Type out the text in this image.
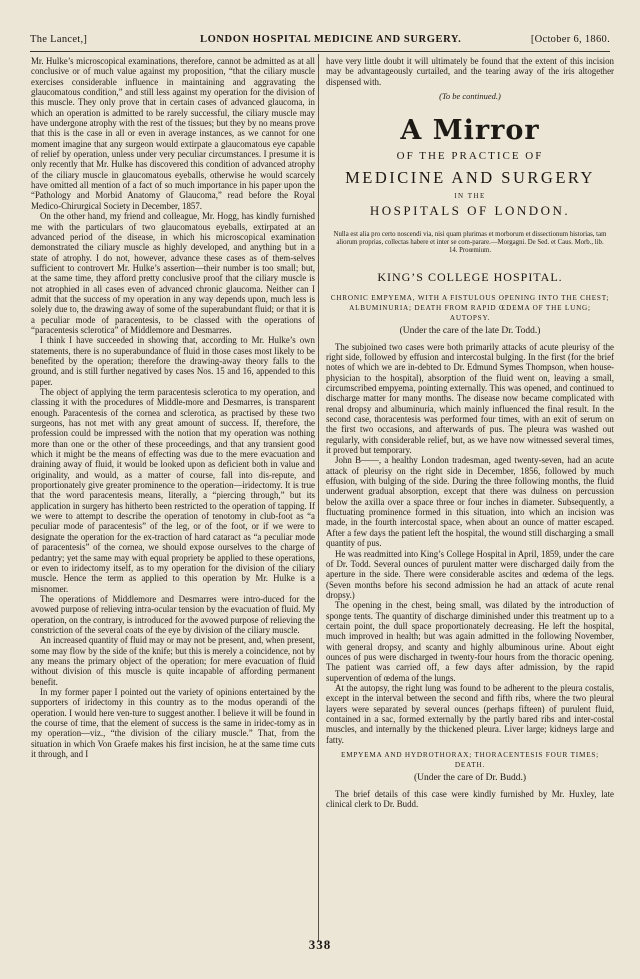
The Lancet,]	LONDON HOSPITAL MEDICINE AND SURGERY.	[October 6, 1860.

Mr. Hulke’s microscopical examinations, therefore, cannot be admitted as at all conclusive or of much value against my proposition, “that the ciliary muscle exercises considerable influence in maintaining and aggravating the glaucomatous condition,” and still less against my operation for the division of this muscle. They only prove that in certain cases of advanced glaucoma, in which an operation is admitted to be rarely successful, the ciliary muscle may have undergone atrophy with the rest of the tissues; but they by no means prove that this is the case in all or even in average instances, as we cannot for one moment imagine that any surgeon would extirpate a glaucomatous eye capable of relief by operation, unless under very peculiar circumstances. I presume it is only recently that Mr. Hulke has discovered this condition of advanced atrophy of the ciliary muscle in glaucomatous eyeballs, otherwise he would scarcely have omitted all mention of a fact of so much importance in his paper upon the “Pathology and Morbid Anatomy of Glaucoma,” read before the Royal Medico-Chirurgical Society in December, 1857.

On the other hand, my friend and colleague, Mr. Hogg, has kindly furnished me with the particulars of two glaucomatous eyeballs, extirpated at an advanced period of the disease, in which his microscopical examination demonstrated the ciliary muscle as highly developed, and anything but in a state of atrophy. I do not, however, advance these cases as of them-selves sufficient to controvert Mr. Hulke’s assertion—their number is too small; but, at the same time, they afford pretty conclusive proof that the ciliary muscle is not atrophied in all cases even of advanced chronic glaucoma. Neither can I admit that the success of my operation in any way depends upon, much less is solely due to, the drawing away of some of the superabundant fluid; or that it is a peculiar mode of paracentesis, to be classed with the operations of “paracentesis sclerotica” of Middlemore and Desmarres.

I think I have succeeded in showing that, according to Mr. Hulke’s own statements, there is no superabundance of fluid in those cases most likely to be benefited by the operation; therefore the drawing-away theory falls to the ground, and is still further negatived by cases Nos. 15 and 16, appended to this paper.

The object of applying the term paracentesis sclerotica to my operation, and classing it with the procedures of Middle-more and Desmarres, is transparent enough. Paracentesis of the cornea and sclerotica, as practised by these two surgeons, has not met with any great amount of success. If, therefore, the profession could be impressed with the notion that my operation was nothing more than one or the other of these proceedings, and that any transient good which it might be the means of effecting was due to the mere evacuation and draining away of fluid, it would be looked upon as deficient both in value and originality, and would, as a matter of course, fall into dis-repute, and proportionately give greater prominence to the operation—iridectomy. It is true that the word paracentesis means, literally, a “piercing through,” but its application in surgery has hitherto been restricted to the operation of tapping. If we were to attempt to describe the operation of tenotomy in club-foot as “a peculiar mode of paracentesis” of the leg, or of the foot, or if we were to designate the operation for the ex-traction of hard cataract as “a peculiar mode of paracentesis” of the cornea, we should expose ourselves to the charge of pedantry; yet the same may with equal propriety be applied to these operations, or even to iridectomy itself, as to my operation for the division of the ciliary muscle. Hence the term as applied to this operation by Mr. Hulke is a misnomer.

The operations of Middlemore and Desmarres were intro-duced for the avowed purpose of relieving intra-ocular tension by the evacuation of fluid. My operation, on the contrary, is introduced for the avowed purpose of relieving the constriction of the several coats of the eye by division of the ciliary muscle.

An increased quantity of fluid may or may not be present, and, when present, some may flow by the side of the knife; but this is merely a coincidence, not by any means the primary object of the operation; for mere evacuation of fluid without division of this muscle is quite incapable of affording permanent benefit.

In my former paper I pointed out the variety of opinions entertained by the supporters of iridectomy in this country as to the modus operandi of the operation. I would here ven-ture to suggest another. I believe it will be found in the course of time, that the element of success is the same in iridec-tomy as in my operation—viz., “the division of the ciliary muscle.” That, from the situation in which Von Graefe makes his first incision, he at the same time cuts it through, and I

have very little doubt it will ultimately be found that the extent of this incision may be advantageously curtailed, and the tearing away of the iris altogether dispensed with.

(To be continued.)
A Mirror
OF THE PRACTICE OF
MEDICINE AND SURGERY
IN THE
HOSPITALS OF LONDON.
Nulla est alia pro certo noscendi via, nisi quam plurimas et morborum et dissectionum historias, tam aliorum proprias, collectas habere et inter se com-parare.—Morgagni. De Sed. et Caus. Morb., lib. 14. Proœmium.
KING’S COLLEGE HOSPITAL.
CHRONIC EMPYEMA, WITH A FISTULOUS OPENING INTO THE CHEST; ALBUMINURIA; DEATH FROM RAPID ŒDEMA OF THE LUNG; AUTOPSY.
(Under the care of the late Dr. Todd.)

The subjoined two cases were both primarily attacks of acute pleurisy of the right side, followed by effusion and intercostal bulging. In the first (for the brief notes of which we are in-debted to Dr. Edmund Symes Thompson, when house-physician to the hospital), absorption of the fluid went on, leaving a small, circumscribed empyema, pointing externally. This was opened, and continued to discharge matter for many months. The disease now became complicated with renal dropsy and albuminuria, which mainly influenced the final result. In the second case, thoracentesis was performed four times, with an exit of serum on the first two occasions, and afterwards of pus. The pleura was washed out regularly, with considerable relief, but, as we have now witnessed several times, it proved but temporary.

John B——, a healthy London tradesman, aged twenty-seven, had an acute attack of pleurisy on the right side in December, 1856, followed by much effusion, with bulging of the side. During the three following months, the fluid underwent gradual absorption, except that there was dulness on percussion below the axilla over a space three or four inches in diameter. Subsequently, a fluctuating prominence formed in this situation, into which an incision was made, in the fourth intercostal space, when about an ounce of matter escaped. After a few days the patient left the hospital, the wound still discharging a small quantity of pus.

He was readmitted into King’s College Hospital in April, 1859, under the care of Dr. Todd. Several ounces of purulent matter were discharged daily from the aperture in the side. There were considerable ascites and œdema of the legs. (Seven months before his second admission he had an attack of acute renal dropsy.)

The opening in the chest, being small, was dilated by the introduction of sponge tents. The quantity of discharge diminished under this treatment up to a certain point, the dull space proportionately decreasing. He left the hospital, much improved in health; but was again admitted in the following November, with general dropsy, and scanty and highly albuminous urine. About eight ounces of pus were discharged in twenty-four hours from the thoracic opening. The patient was carried off, a few days after admission, by the rapid supervention of œdema of the lungs.

At the autopsy, the right lung was found to be adherent to the pleura costalis, except in the interval between the second and fifth ribs, where the two pleural layers were separated by several ounces (perhaps fifteen) of purulent fluid, contained in a sac, formed externally by the partly bared ribs and inter-costal muscles, and internally by the thickened pleura. Liver large; kidneys large and fatty.

EMPYEMA AND HYDROTHORAX; THORACENTESIS FOUR TIMES; DEATH.
(Under the care of Dr. Budd.)

The brief details of this case were kindly furnished by Mr. Huxley, late clinical clerk to Dr. Budd.

338
